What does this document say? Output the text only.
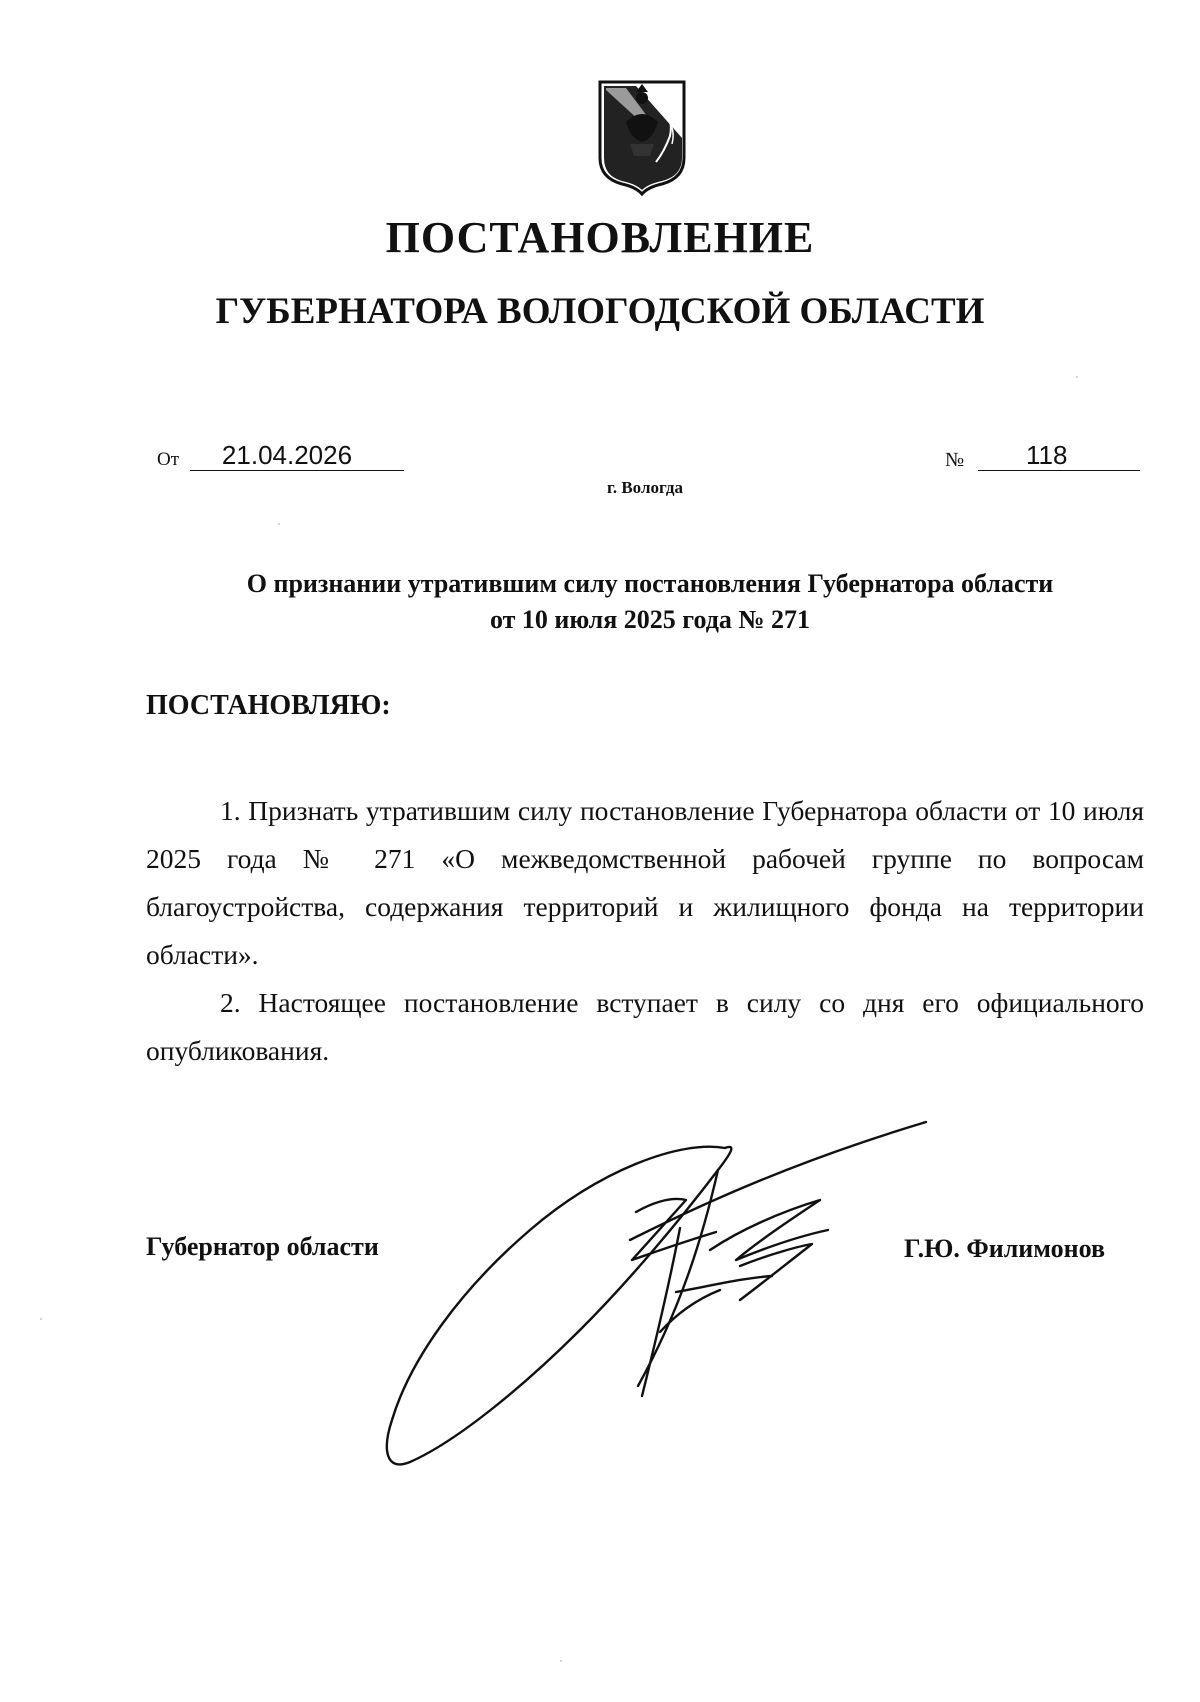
ПОСТАНОВЛЕНИЕ
ГУБЕРНАТОРА ВОЛОГОДСКОЙ ОБЛАСТИ
От	21.04.2026
г. Вологда
№	118
О признании утратившим силу постановления Губернатора области
от 10 июля 2025 года № 271
ПОСТАНОВЛЯЮ:

1. Признать утратившим силу постановление Губернатора области от 10 июля 2025 года № 271 «О межведомственной рабочей группе по вопросам благоустройства, содержания территорий и жилищного фонда на территории области».

2. Настоящее постановление вступает в силу со дня его официального опубликования.

Губернатор области	Г.Ю. Филимонов
